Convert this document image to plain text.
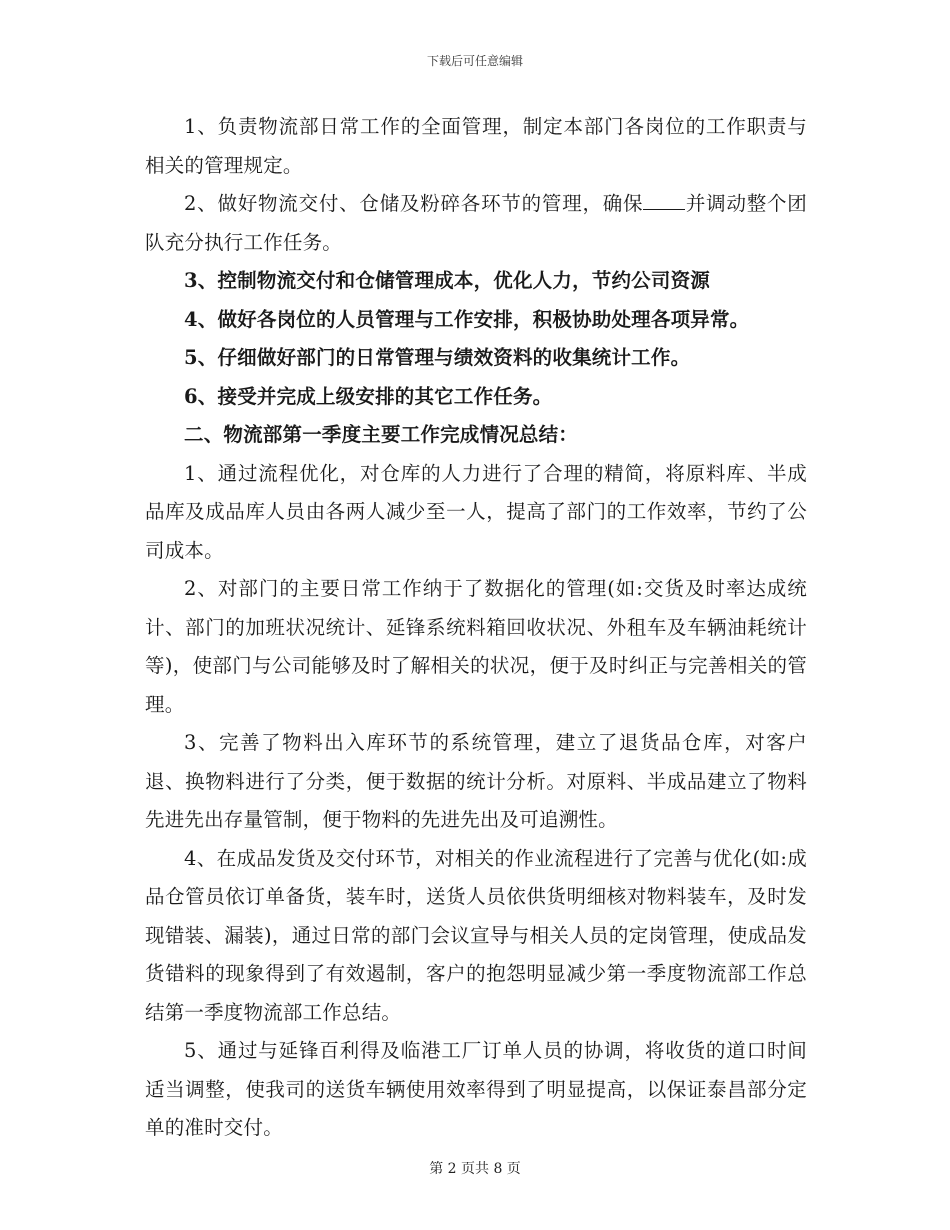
下载后可任意编辑

1、负责物流部日常工作的全面管理，制定本部门各岗位的工作职责与相关的管理规定。

2、做好物流交付、仓储及粉碎各环节的管理，确保 并调动整个团队充分执行工作任务。

3、控制物流交付和仓储管理成本，优化人力，节约公司资源

4、做好各岗位的人员管理与工作安排，积极协助处理各项异常。

5、仔细做好部门的日常管理与绩效资料的收集统计工作。

6、接受并完成上级安排的其它工作任务。

二、物流部第一季度主要工作完成情况总结：

1、通过流程优化，对仓库的人力进行了合理的精简，将原料库、半成品库及成品库人员由各两人减少至一人，提高了部门的工作效率，节约了公司成本。

2、对部门的主要日常工作纳于了数据化的管理(如:交货及时率达成统计、部门的加班状况统计、延锋系统料箱回收状况、外租车及车辆油耗统计等)，使部门与公司能够及时了解相关的状况，便于及时纠正与完善相关的管理。

3、完善了物料出入库环节的系统管理，建立了退货品仓库，对客户退、换物料进行了分类，便于数据的统计分析。对原料、半成品建立了物料先进先出存量管制，便于物料的先进先出及可追溯性。

4、在成品发货及交付环节，对相关的作业流程进行了完善与优化(如:成品仓管员依订单备货，装车时，送货人员依供货明细核对物料装车，及时发现错装、漏装)，通过日常的部门会议宣导与相关人员的定岗管理，使成品发货错料的现象得到了有效遏制，客户的抱怨明显减少第一季度物流部工作总结第一季度物流部工作总结。

5、通过与延锋百利得及临港工厂订单人员的协调，将收货的道口时间适当调整，使我司的送货车辆使用效率得到了明显提高，以保证泰昌部分定单的准时交付。

第 2 页共 8 页
